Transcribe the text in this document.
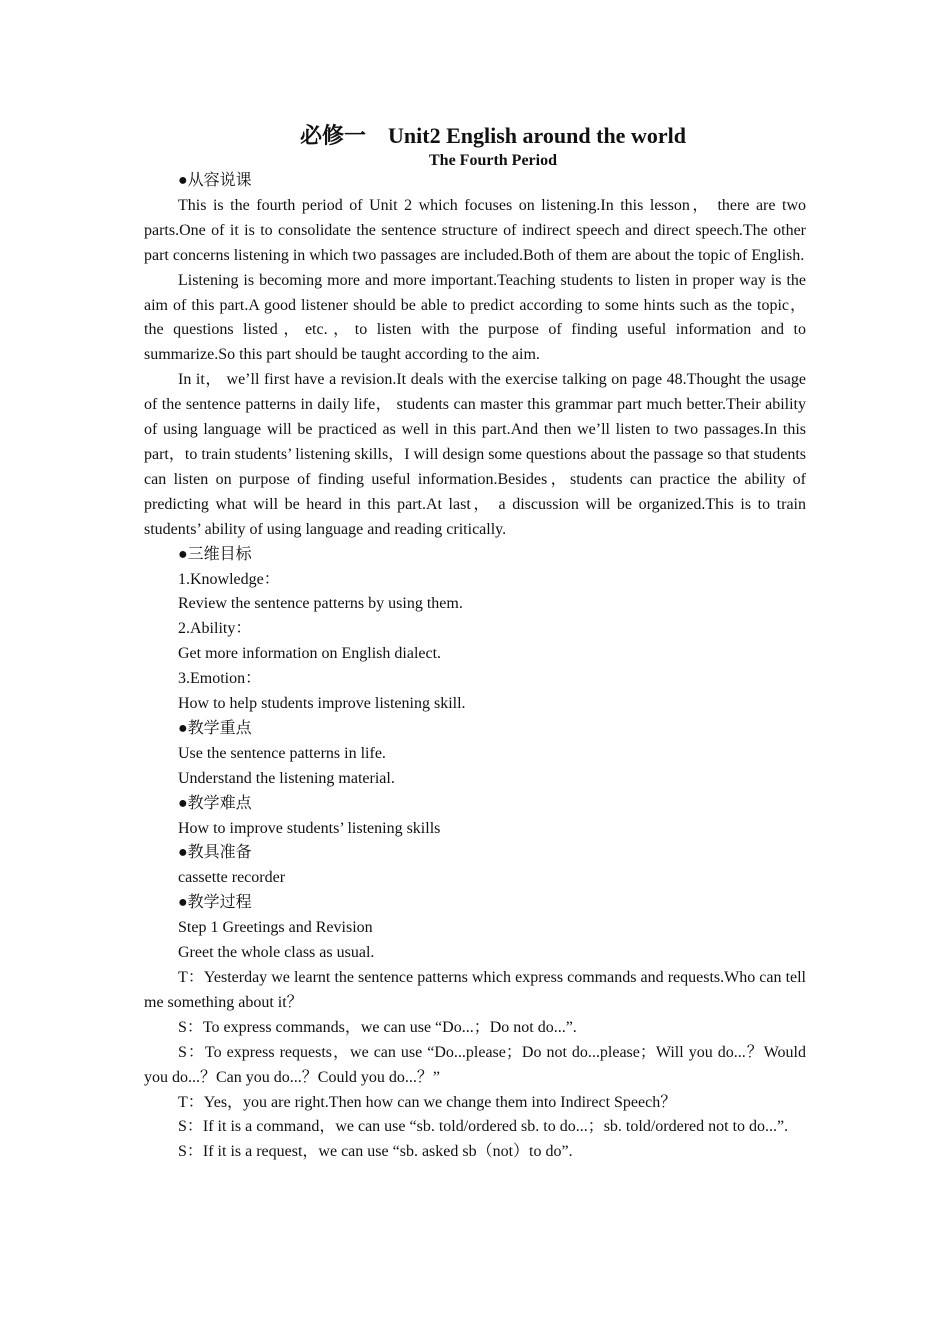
必修一　Unit2 English around the world
The Fourth Period

●从容说课

This is the fourth period of Unit 2 which focuses on listening.In this lesson， there are two parts.One of it is to consolidate the sentence structure of indirect speech and direct speech.The other part concerns listening in which two passages are included.Both of them are about the topic of English.

Listening is becoming more and more important.Teaching students to listen in proper way is the aim of this part.A good listener should be able to predict according to some hints such as the topic，the questions listed，etc.，to listen with the purpose of finding useful information and to summarize.So this part should be taught according to the aim.

In it， we’ll first have a revision.It deals with the exercise talking on page 48.Thought the usage of the sentence patterns in daily life， students can master this grammar part much better.Their ability of using language will be practiced as well in this part.And then we’ll listen to two passages.In this part，to train students’ listening skills，I will design some questions about the passage so that students can listen on purpose of finding useful information.Besides，students can practice the ability of predicting what will be heard in this part.At last， a discussion will be organized.This is to train students’ ability of using language and reading critically.

●三维目标

1.Knowledge：

Review the sentence patterns by using them.

2.Ability：

Get more information on English dialect.

3.Emotion：

How to help students improve listening skill.

●教学重点

Use the sentence patterns in life.

Understand the listening material.

●教学难点

How to improve students’ listening skills

●教具准备

cassette recorder

●教学过程

Step 1 Greetings and Revision

Greet the whole class as usual.

T：Yesterday we learnt the sentence patterns which express commands and requests.Who can tell me something about it？

S：To express commands，we can use “Do...；Do not do...”.

S：To express requests，we can use “Do...please；Do not do...please；Will you do...？Would you do...？Can you do...？Could you do...？”

T：Yes，you are right.Then how can we change them into Indirect Speech？

S：If it is a command，we can use “sb. told/ordered sb. to do...；sb. told/ordered not to do...”.

S：If it is a request，we can use “sb. asked sb（not）to do”.
